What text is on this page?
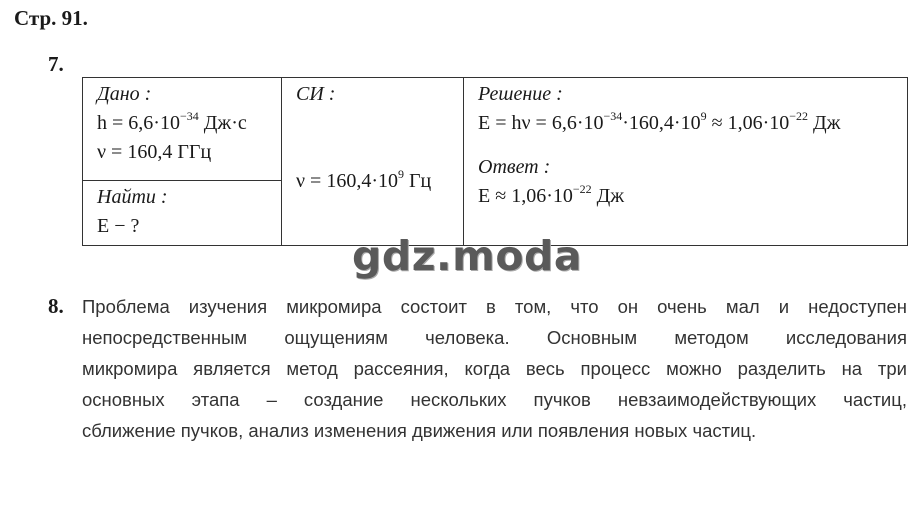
Стр. 91.
7.
Дано :
$h = 6,6\cdot 10^{-34}$ Дж·с
ν = 160,4 ГГц

СИ :
$\nu = 160,4\cdot 10^9$ Гц

Решение :
$E = h\nu = 6,6\cdot 10^{-34}\cdot 160,4\cdot 10^9 \approx 1,06\cdot 10^{-22}$ Дж
Ответ :
$E \approx 1,06\cdot 10^{-22}$ Дж

Найти :
E − ?
gdz.moda
8. Проблема изучения микромира состоит в том, что он очень мал и недоступен
непосредственным ощущениям человека. Основным методом исследования
микромира является метод рассеяния, когда весь процесс можно разделить на три
основных этапа – создание нескольких пучков невзаимодействующих частиц,
сближение пучков, анализ изменения движения или появления новых частиц.
